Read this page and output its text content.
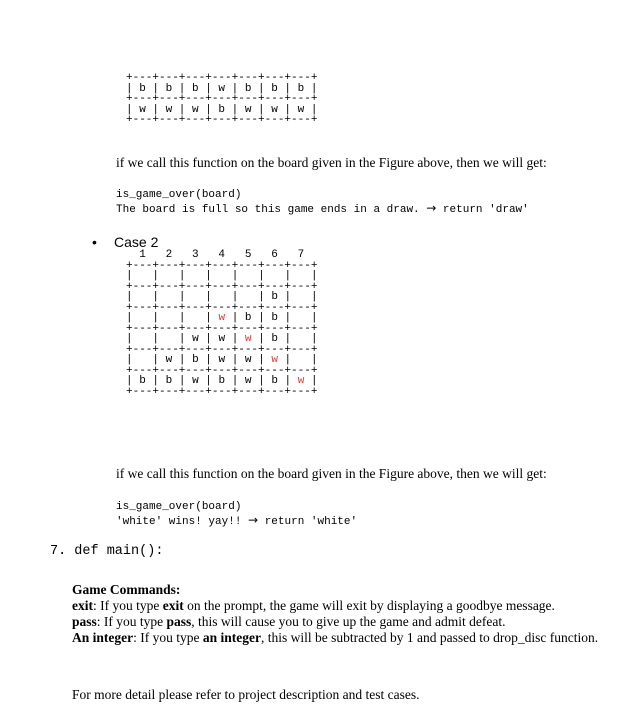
+---+---+---+---+---+---+---+
| b | b | b | w | b | b | b |
+---+---+---+---+---+---+---+
| w | w | w | b | w | w | w |
+---+---+---+---+---+---+---+
if we call this function on the board given in the Figure above, then we will get:
is_game_over(board)
The board is full so this game ends in a draw. → return 'draw'
• Case 2
1   2   3   4   5   6   7
+---+---+---+---+---+---+---+
|   |   |   |   |   |   |   |
+---+---+---+---+---+---+---+
|   |   |   |   |   | b |   |
+---+---+---+---+---+---+---+
|   |   |   | w | b | b |   |
+---+---+---+---+---+---+---+
|   |   | w | w | w | b |   |
+---+---+---+---+---+---+---+
|   | w | b | w | w | w |   |
+---+---+---+---+---+---+---+
| b | b | w | b | w | b | w |
+---+---+---+---+---+---+---+
if we call this function on the board given in the Figure above, then we will get:
is_game_over(board)
'white' wins! yay!! → return 'white'
7. def main():
Game Commands:
exit: If you type exit on the prompt, the game will exit by displaying a goodbye message.
pass: If you type pass, this will cause you to give up the game and admit defeat.
An integer: If you type an integer, this will be subtracted by 1 and passed to drop_disc function.
For more detail please refer to project description and test cases.
